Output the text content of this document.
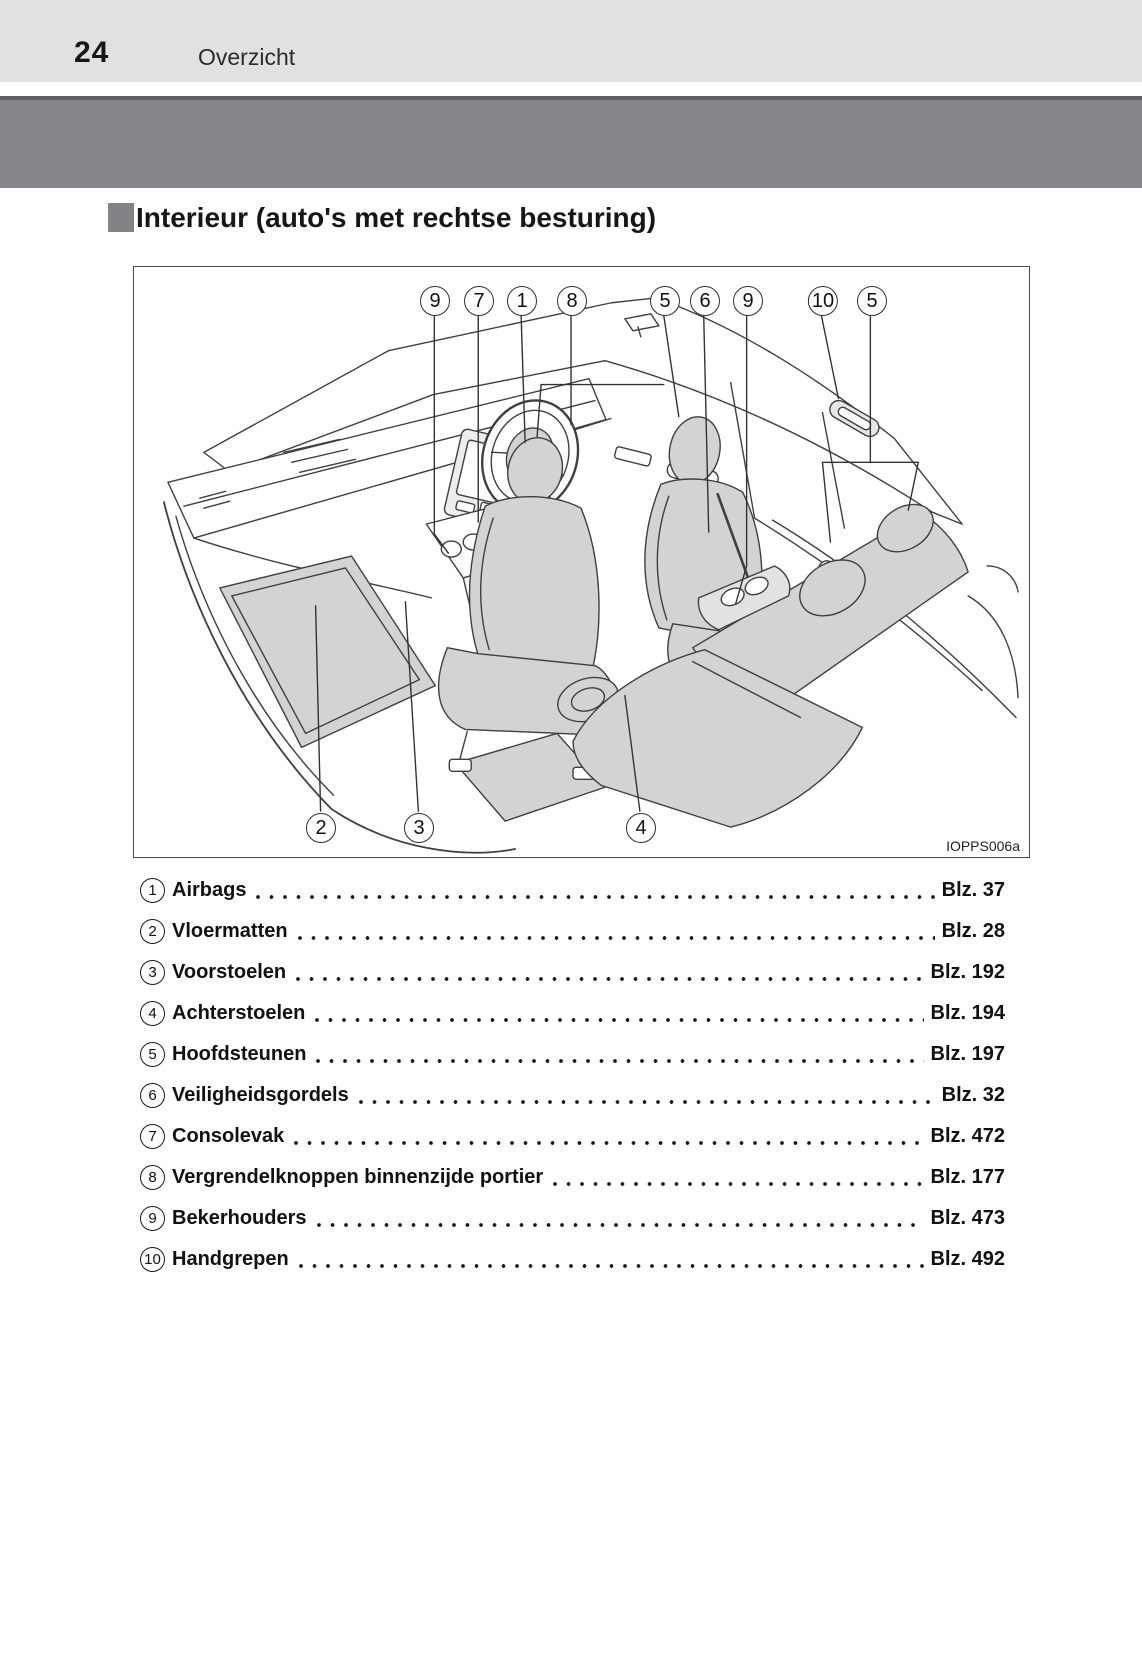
24	Overzicht
Interieur (auto's met rechtse besturing)
IOPPS006a
9	7	1	8	5	6	9	10	5
2	3	4
1 Airbags	Blz. 37
2 Vloermatten	Blz. 28
3 Voorstoelen	Blz. 192
4 Achterstoelen	Blz. 194
5 Hoofdsteunen	Blz. 197
6 Veiligheidsgordels	Blz. 32
7 Consolevak	Blz. 472
8 Vergrendelknoppen binnenzijde portier	Blz. 177
9 Bekerhouders	Blz. 473
10 Handgrepen	Blz. 492
